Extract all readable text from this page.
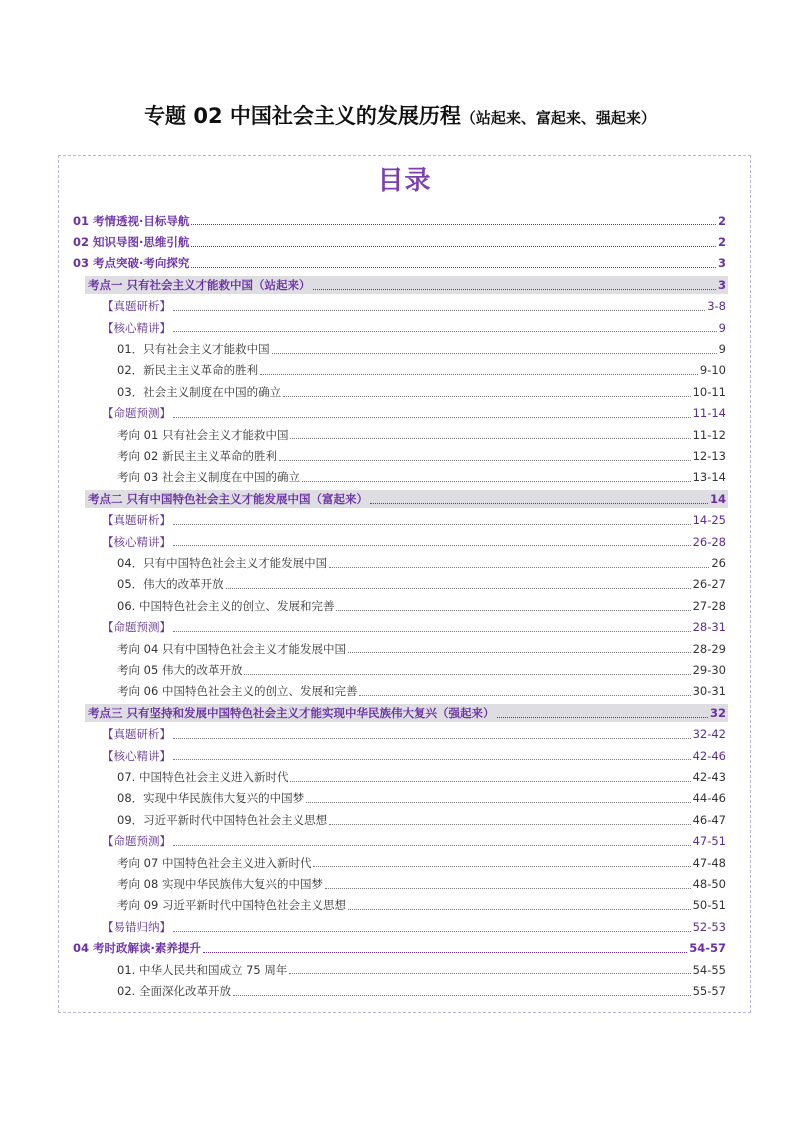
专题 02 中国社会主义的发展历程（站起来、富起来、强起来）
目录
01 考情透视·目标导航	2
02 知识导图·思维引航	2
03 考点突破·考向探究	3
考点一 只有社会主义才能救中国（站起来）	3
【真题研析】	3-8
【核心精讲】	9
01．只有社会主义才能救中国	9
02．新民主主义革命的胜利	9-10
03．社会主义制度在中国的确立	10-11
【命题预测】	11-14
考向 01 只有社会主义才能救中国	11-12
考向 02 新民主主义革命的胜利	12-13
考向 03 社会主义制度在中国的确立	13-14
考点二 只有中国特色社会主义才能发展中国（富起来）	14
【真题研析】	14-25
【核心精讲】	26-28
04．只有中国特色社会主义才能发展中国	26
05．伟大的改革开放	26-27
06. 中国特色社会主义的创立、发展和完善	27-28
【命题预测】	28-31
考向 04 只有中国特色社会主义才能发展中国	28-29
考向 05 伟大的改革开放	29-30
考向 06 中国特色社会主义的创立、发展和完善	30-31
考点三 只有坚持和发展中国特色社会主义才能实现中华民族伟大复兴（强起来）	32
【真题研析】	32-42
【核心精讲】	42-46
07. 中国特色社会主义进入新时代	42-43
08．实现中华民族伟大复兴的中国梦	44-46
09．习近平新时代中国特色社会主义思想	46-47
【命题预测】	47-51
考向 07 中国特色社会主义进入新时代	47-48
考向 08 实现中华民族伟大复兴的中国梦	48-50
考向 09 习近平新时代中国特色社会主义思想	50-51
【易错归纳】	52-53
04 考时政解读·素养提升	54-57
01. 中华人民共和国成立 75 周年	54-55
02. 全面深化改革开放	55-57
